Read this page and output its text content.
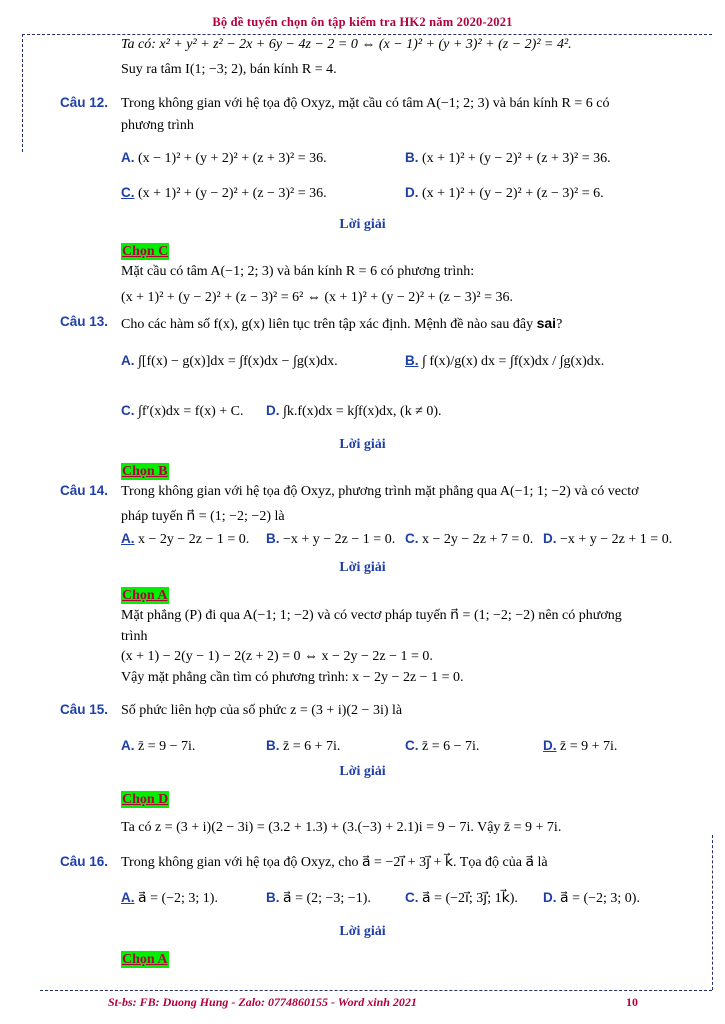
Bộ đề tuyển chọn ôn tập kiểm tra HK2 năm 2020-2021
Ta có: x² + y² + z² − 2x + 6y − 4z − 2 = 0 ⇔ (x − 1)² + (y + 3)² + (z − 2)² = 4².
Suy ra tâm I(1; −3; 2), bán kính R = 4.
Câu 12. Trong không gian với hệ tọa độ Oxyz, mặt cầu có tâm A(−1; 2; 3) và bán kính R = 6 có
phương trình
A. (x − 1)² + (y + 2)² + (z + 3)² = 36.	B. (x + 1)² + (y − 2)² + (z + 3)² = 36.
C. (x + 1)² + (y − 2)² + (z − 3)² = 36.	D. (x + 1)² + (y − 2)² + (z − 3)² = 6.
Lời giải
Chọn C
Mặt cầu có tâm A(−1; 2; 3) và bán kính R = 6 có phương trình:
(x + 1)² + (y − 2)² + (z − 3)² = 6² ⇔ (x + 1)² + (y − 2)² + (z − 3)² = 36.
Câu 13. Cho các hàm số f(x), g(x) liên tục trên tập xác định. Mệnh đề nào sau đây sai?
A. ∫[f(x) − g(x)]dx = ∫f(x)dx − ∫g(x)dx.	B. ∫ f(x)/g(x) dx = ∫f(x)dx / ∫g(x)dx.
C. ∫f′(x)dx = f(x) + C. D. ∫k.f(x)dx = k∫f(x)dx, (k ≠ 0).
Lời giải
Chọn B
Câu 14. Trong không gian với hệ tọa độ Oxyz, phương trình mặt phẳng qua A(−1; 1; −2) và có vectơ
pháp tuyến n⃗ = (1; −2; −2) là
A. x − 2y − 2z − 1 = 0. B. −x + y − 2z − 1 = 0. C. x − 2y − 2z + 7 = 0. D. −x + y − 2z + 1 = 0.
Lời giải
Chọn A
Mặt phẳng (P) đi qua A(−1; 1; −2) và có vectơ pháp tuyến n⃗ = (1; −2; −2) nên có phương
trình
(x + 1) − 2(y − 1) − 2(z + 2) = 0 ⇔ x − 2y − 2z − 1 = 0.
Vậy mặt phẳng cần tìm có phương trình: x − 2y − 2z − 1 = 0.
Câu 15. Số phức liên hợp của số phức z = (3 + i)(2 − 3i) là
A. z̄ = 9 − 7i.	B. z̄ = 6 + 7i.	C. z̄ = 6 − 7i.	D. z̄ = 9 + 7i.
Lời giải
Chọn D
Ta có z = (3 + i)(2 − 3i) = (3.2 + 1.3) + (3.(−3) + 2.1)i = 9 − 7i. Vậy z̄ = 9 + 7i.
Câu 16. Trong không gian với hệ tọa độ Oxyz, cho a⃗ = −2i⃗ + 3j⃗ + k⃗. Tọa độ của a⃗ là
A. a⃗ = (−2; 3; 1).	B. a⃗ = (2; −3; −1).	C. a⃗ = (−2i⃗; 3j⃗; 1k⃗). D. a⃗ = (−2; 3; 0).
Lời giải
Chọn A
St-bs: FB: Duong Hung - Zalo: 0774860155 - Word xinh 2021	10
